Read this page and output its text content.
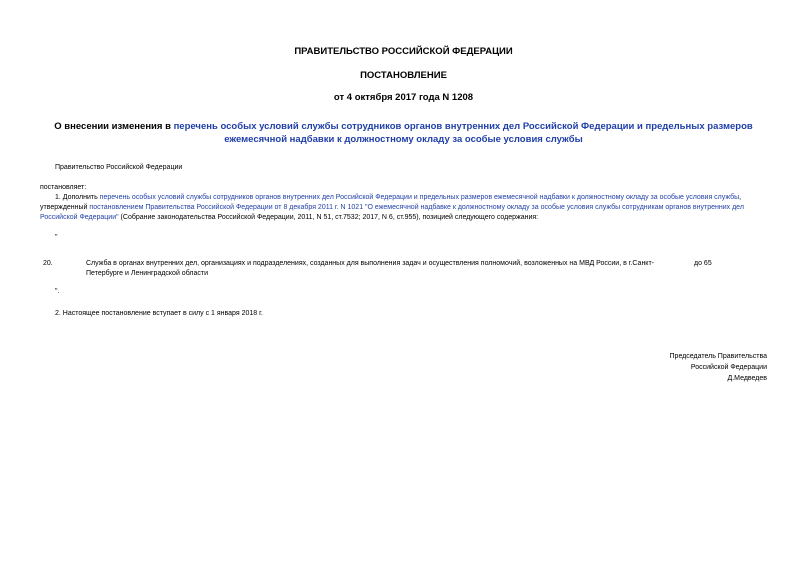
ПРАВИТЕЛЬСТВО РОССИЙСКОЙ ФЕДЕРАЦИИ
ПОСТАНОВЛЕНИЕ
от 4 октября 2017 года N 1208
О внесении изменения в перечень особых условий службы сотрудников органов внутренних дел Российской Федерации и предельных размеров ежемесячной надбавки к должностному окладу за особые условия службы
Правительство Российской Федерации
постановляет:
1. Дополнить перечень особых условий службы сотрудников органов внутренних дел Российской Федерации и предельных размеров ежемесячной надбавки к должностному окладу за особые условия службы, утвержденный постановлением Правительства Российской Федерации от 8 декабря 2011 г. N 1021 "О ежемесячной надбавке к должностному окладу за особые условия службы сотрудникам органов внутренних дел Российской Федерации" (Собрание законодательства Российской Федерации, 2011, N 51, ст.7532; 2017, N 6, ст.955), позицией следующего содержания:
"
20.	Служба в органах внутренних дел, организациях и подразделениях, созданных для выполнения задач и осуществления полномочий, возложенных на МВД России, в г.Санкт-Петербурге и Ленинградской области
до 65
".
2. Настоящее постановление вступает в силу с 1 января 2018 г.
Председатель Правительства
Российской Федерации
Д.Медведев
